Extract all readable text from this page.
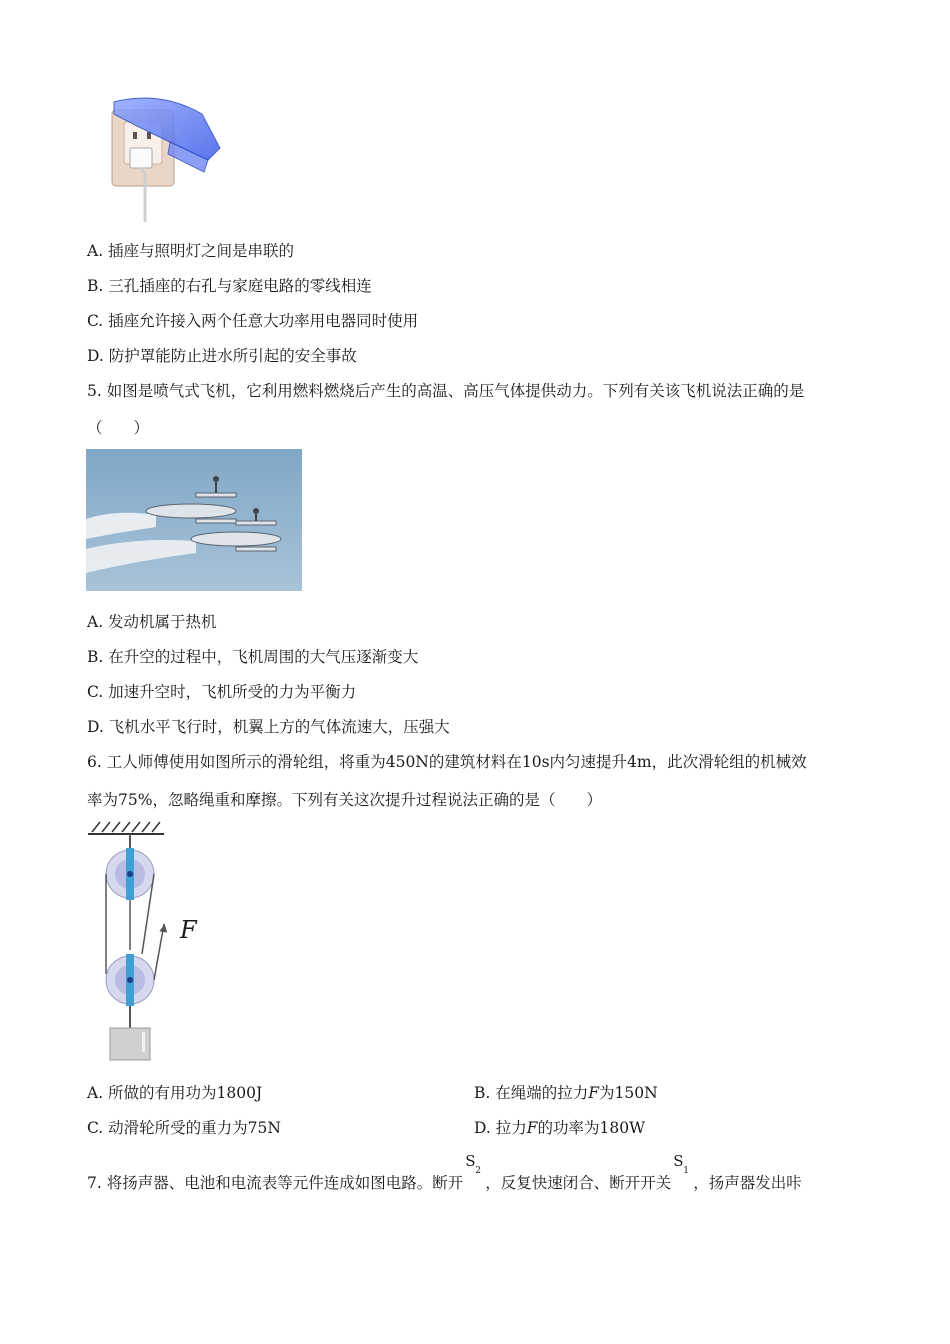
A. 插座与照明灯之间是串联的
B. 三孔插座的右孔与家庭电路的零线相连
C. 插座允许接入两个任意大功率用电器同时使用
D. 防护罩能防止进水所引起的安全事故
5. 如图是喷气式飞机，它利用燃料燃烧后产生的高温、高压气体提供动力。下列有关该飞机说法正确的是
（　　）
A. 发动机属于热机
B. 在升空的过程中，飞机周围的大气压逐渐变大
C. 加速升空时，飞机所受的力为平衡力
D. 飞机水平飞行时，机翼上方的气体流速大，压强大
6. 工人师傅使用如图所示的滑轮组，将重为450N的建筑材料在10s内匀速提升4m，此次滑轮组的机械效
率为75%，忽略绳重和摩擦。下列有关这次提升过程说法正确的是（　　）
F
A. 所做的有用功为1800J	B. 在绳端的拉力F为150N
C. 动滑轮所受的重力为75N	D. 拉力F的功率为180W
7. 将扬声器、电池和电流表等元件连成如图电路。断开
S
2
，反复快速闭合、断开开关
S
1
，扬声器发出咔
